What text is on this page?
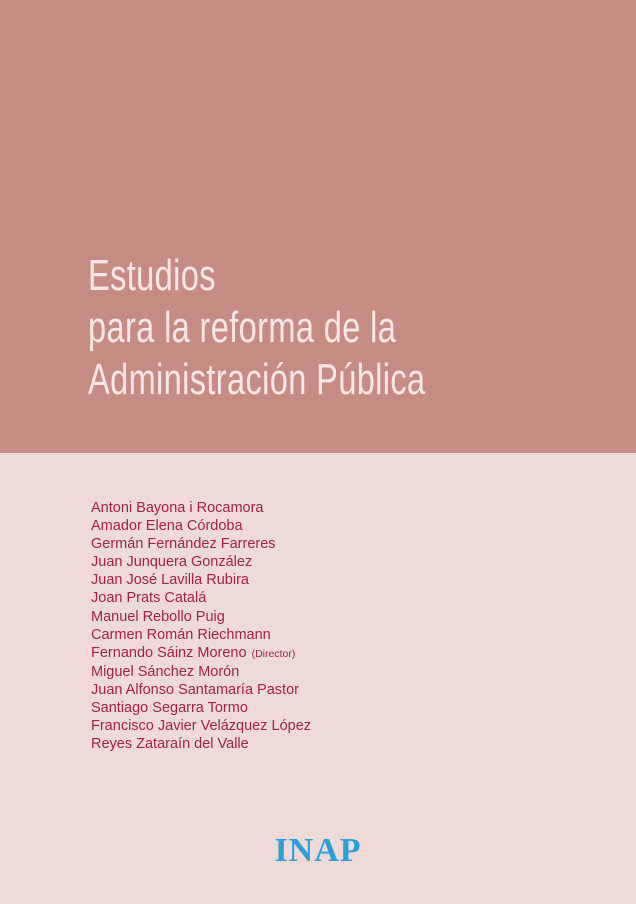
Estudios
para la reforma de la
Administración Pública
Antoni Bayona i Rocamora
Amador Elena Córdoba
Germán Fernández Farreres
Juan Junquera González
Juan José Lavilla Rubira
Joan Prats Catalá
Manuel Rebollo Puig
Carmen Román Riechmann
Fernando Sáinz Moreno (Director)
Miguel Sánchez Morón
Juan Alfonso Santamaría Pastor
Santiago Segarra Tormo
Francisco Javier Velázquez López
Reyes Zataraín del Valle
INAP
